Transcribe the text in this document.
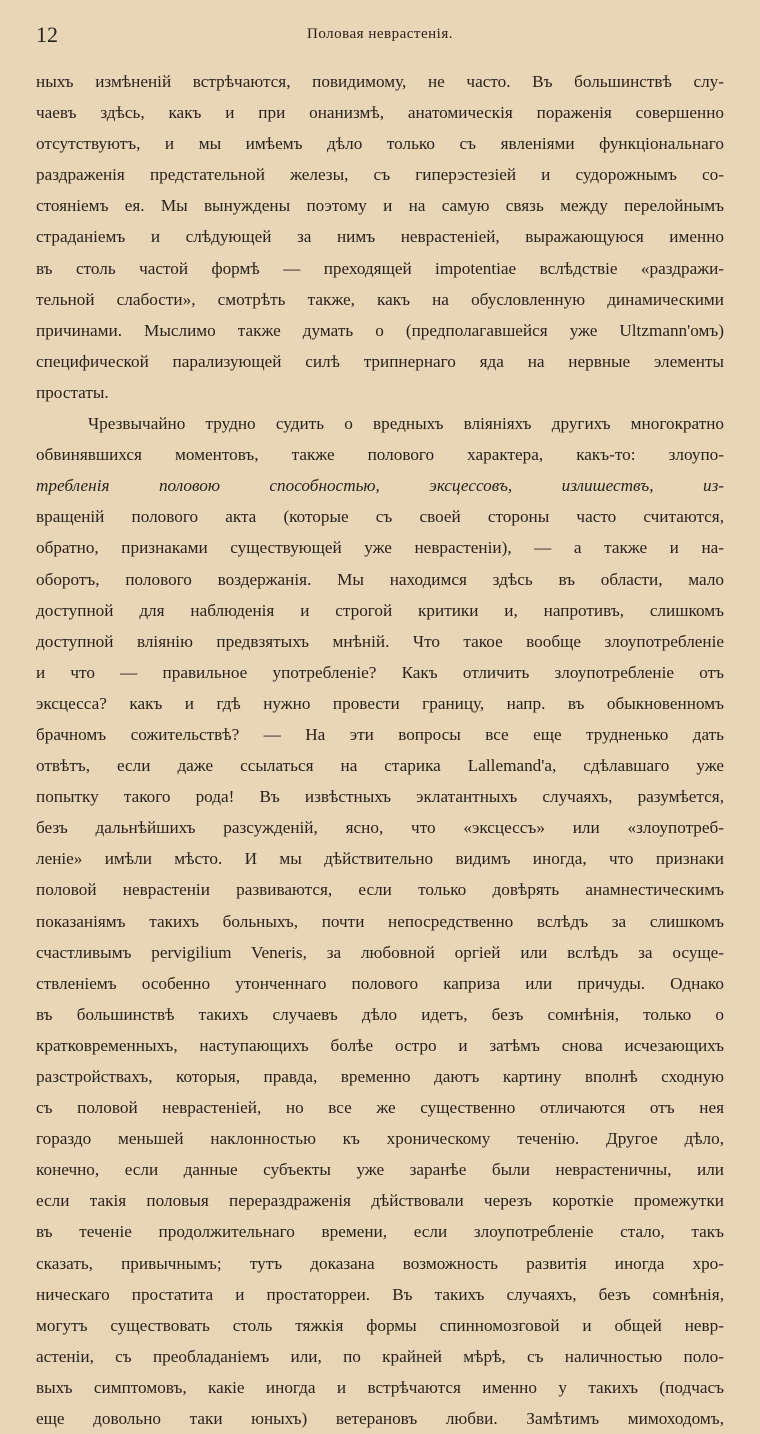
12	Половая неврастенія.
ныхъ измѣненій встрѣчаются, повидимому, не часто. Въ большинствѣ слу-
чаевъ здѣсь, какъ и при онанизмѣ, анатомическія пораженія совершенно
отсутствуютъ, и мы имѣемъ дѣло только съ явленіями функціональнаго
раздраженія предстательной железы, съ гиперэстезіей и судорожнымъ со-
стояніемъ ея. Мы вынуждены поэтому и на самую связь между перелойнымъ
страданіемъ и слѣдующей за нимъ неврастеніей, выражающуюся именно
въ столь частой формѣ — преходящей impotentiae вслѣдствіе «раздражи-
тельной слабости», смотрѣть также, какъ на обусловленную динамическими
причинами. Мыслимо также думать о (предполагавшейся уже Ultzmann'омъ)
специфической парализующей силѣ трипнернаго яда на нервные элементы
простаты.
Чрезвычайно трудно судить о вредныхъ вліяніяхъ другихъ многократно
обвинявшихся моментовъ, также полового характера, какъ-то: злоупо-
требленія половою способностью, эксцессовъ, излишествъ, из-
вращеній полового акта (которые съ своей стороны часто считаются,
обратно, признаками существующей уже неврастеніи), — а также и на-
оборотъ, полового воздержанія. Мы находимся здѣсь въ области, мало
доступной для наблюденія и строгой критики и, напротивъ, слишкомъ
доступной вліянію предвзятыхъ мнѣній. Что такое вообще злоупотребленіе
и что — правильное употребленіе? Какъ отличить злоупотребленіе отъ
эксцесса? какъ и гдѣ нужно провести границу, напр. въ обыкновенномъ
брачномъ сожительствѣ? — На эти вопросы все еще трудненько дать
отвѣтъ, если даже ссылаться на старика Lallemand'а, сдѣлавшаго уже
попытку такого рода! Въ извѣстныхъ эклатантныхъ случаяхъ, разумѣется,
безъ дальнѣйшихъ разсужденій, ясно, что «эксцессъ» или «злоупотреб-
леніе» имѣли мѣсто. И мы дѣйствительно видимъ иногда, что признаки
половой неврастеніи развиваются, если только довѣрять анамнестическимъ
показаніямъ такихъ больныхъ, почти непосредственно вслѣдъ за слишкомъ
счастливымъ pervigilium Veneris, за любовной оргіей или вслѣдъ за осуще-
ствленіемъ особенно утонченнаго полового каприза или причуды. Однако
въ большинствѣ такихъ случаевъ дѣло идетъ, безъ сомнѣнія, только о
кратковременныхъ, наступающихъ болѣе остро и затѣмъ снова исчезающихъ
разстройствахъ, которыя, правда, временно даютъ картину вполнѣ сходную
съ половой неврастеніей, но все же существенно отличаются отъ нея
гораздо меньшей наклонностью къ хроническому теченію. Другое дѣло,
конечно, если данные субъекты уже заранѣе были неврастеничны, или
если такія половыя перераздраженія дѣйствовали черезъ короткіе промежутки
въ теченіе продолжительнаго времени, если злоупотребленіе стало, такъ
сказать, привычнымъ; тутъ доказана возможность развитія иногда хро-
ническаго простатита и простаторреи. Въ такихъ случаяхъ, безъ сомнѣнія,
могутъ существовать столь тяжкія формы спинномозговой и общей невр-
астеніи, съ преобладаніемъ или, по крайней мѣрѣ, съ наличностью поло-
выхъ симптомовъ, какіе иногда и встрѣчаются именно у такихъ (подчасъ
еще довольно таки юныхъ) ветерановъ любви. Замѣтимъ мимоходомъ,
